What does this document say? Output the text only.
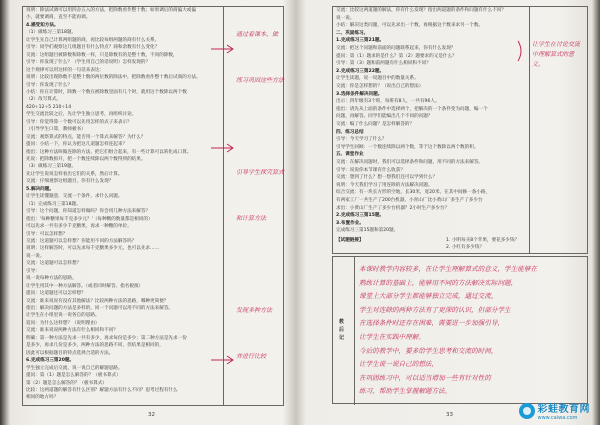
说明：除法试调可以用四舍五入的方法，把除数看作整十数；如果调后的商偏大或偏
小，就要调商，直至不能再调。
4.感受知方法。
（1）做练习三第18题。
让学生先自己计算两组题的商，再比较每组两题的商有什么关系。
引导：同学们观察这几组题目有什么特点？商和余数有什么变化？
交流：这组题目被除数和除数一样，只是除数有的是整十数，不同的除数，
引导：你发现了什么？（学生用自己的话说明）怎样发现的？
这个规律可以用这样的一句话来表达：
说明：比较出现除数不是整十数的两位数的除法中，把除数看作整十数后试商的方法。
引导：你发现了什么？
小结：你在计算时，除数一个数在被除数里面有几个时，就用这个数除以两个数
（2）改写算式。
420÷12÷5 210÷14
学生交流比较之后，先让学生独立思考，再组织讨论。
引导：你觉得算一个数可以先用怎样的式子来表示？
（引导学生口算，教师板书）
交流：观察算式的特点，能否用一个算式来解答？为什么？
提问：小结一下，你认为把这几道题怎样连起来？
指出：这种方法叫做连除的方法，把它们组合起来，有一些计算可以转化成口算。
先说：把除数拆开，把一个数连续除以两个数得到的结果。
（3）做练习三第19题。
先让学生说说怎样看出它们的关系，然后计算。
交流：仔细观察这组题目，你有什么发现？
5.解决问题。
让学生读懂题意，交流一个条件，求什么问题。
（1）完成练习三第18题。
引导：这个问题，你知道怎样做吗？你会用几种方法来解答？
指出：'每种糖果每千克多少元？'（每种糖的数量都是相同的）
可以先求一共有多少千克糖果，再求一种糖的单价。
引导：可以怎样想？
交流：这道题可以怎样想？你能用不同的方法解答吗？
说明：这样解答时，可以先求每千克糖果多少元，也可以先求……
说一说。
交流：这道题可以怎样想？
引导：
说一说每种方法的思路。
让学生用其中一种方法解答。（或者同时解答，指名板演）
提问：这道题还可以怎样想？
交流：谁来说说有没有其他解法？比较两种方法的思路，哪种更简便？
指出：解决问题的方法是多样的，同一个问题可以用不同的方法来解答。
让学生在小组里说一说各自的思路。
追问：为什么这样想？（说明理由）
交流：谁来说说两种方法有什么相同和不同？
明确：第一种方法是先求一共有多少，再求每份是多少；第二种方法是先求一份
是多少，再求几份是多少。两种方法的思路不同，但结果是相同的，
因此可以根据题目的特点选择合适的方法。
6.完成练习三第20题。
学生独立完成后交流，说一说自己的解题思路。
提问：第（1）题是怎么解答的？（板书算式）
第（2）题是怎么解答的？（板书算式）
比较：这两道题的解答有什么区别？解题方法有什么不同？思考过程有什么
相同的地方吗？
通过看课本、做
练习巩固这些方法
引导学生探究算式
和计算方法
发现多种方法
并进行比较
32
交流：比较这两道题的解法，你有什么发现？指出两道题的条件和问题有什么不同？
说一说。
小结：解决这类问题，可以先求出一个数，再根据这个数来求另一个数。
二、巩固练习。
1.完成练习三第21题。
交流：把这个问题和前面的问题联系起来，你有什么发现？
提问：第（1）题求的是什么？第（2）题要求的又是什么？
引导：第（3）题和前两题有什么相同和不同？
2.完成练习三第22题。
让学生读题，说一说题目中的数量关系。
交流：你是怎样想的？（说出自己的想法）
3.选择条件解决问题。
出示：四年级有3个班，每班有8人，一共有96人。
指出：请先从上面的条件中选择两个，把解决的一个条件变为问题，编一个
问题，再解答。同学们能编出几个不同的问题？
交流：编了什么问题？是怎样解答的？
四、练习总结
引导：今天学习了什么？
引导学生回顾：一个数连续除以两个数，等于这个数除以两个数的积。
五、课堂作业
交流：在解决问题时，我们可以选择条件和问题，用不同的方法来解答。
引导：说说你本节课有什么收获？
交流：想到了什么？想一想我们还可以学到什么？
说明：今天我们学习了用连除的方法解决问题。
综合交流：有一块长方形的空地，长30米，宽20米，在其中间修一条小路，
有两家工厂一共生产了200台机器，小青山厂比小黄山厂多生产了多少台
求出：小黄山厂生产了多少台机器？2小时生产多少台？
2.完成练习三第15题。
3.布置作业。
完成练习三第15题和第20题。
【试题链接】	1. 小明每买8个苹果，要花多少钱？
2. 小红有多少钱？
让学生在讨论交流
中理解算式的意
义。
教
后
记
本课时教学内容较多，在让学生理解算式的意义，学生能够在
熟练计算的基础上，能够用不同的方法解决实际问题，
课堂上大部分学生都能够独立完成，通过交流，
学生对连除的两种方法有了更深的认识，但部分学生
在选择条件时还存在困难，需要进一步加强引导，
让学生在实践中理解。
今后的教学中，要多给学生思考和交流的时间，
让学生说一说自己的想法，
在巩固练习中，可以适当增加一些有针对性的
练习，帮助学生掌握解题方法。
33	彩蛙教育网
www.caiwa.com
